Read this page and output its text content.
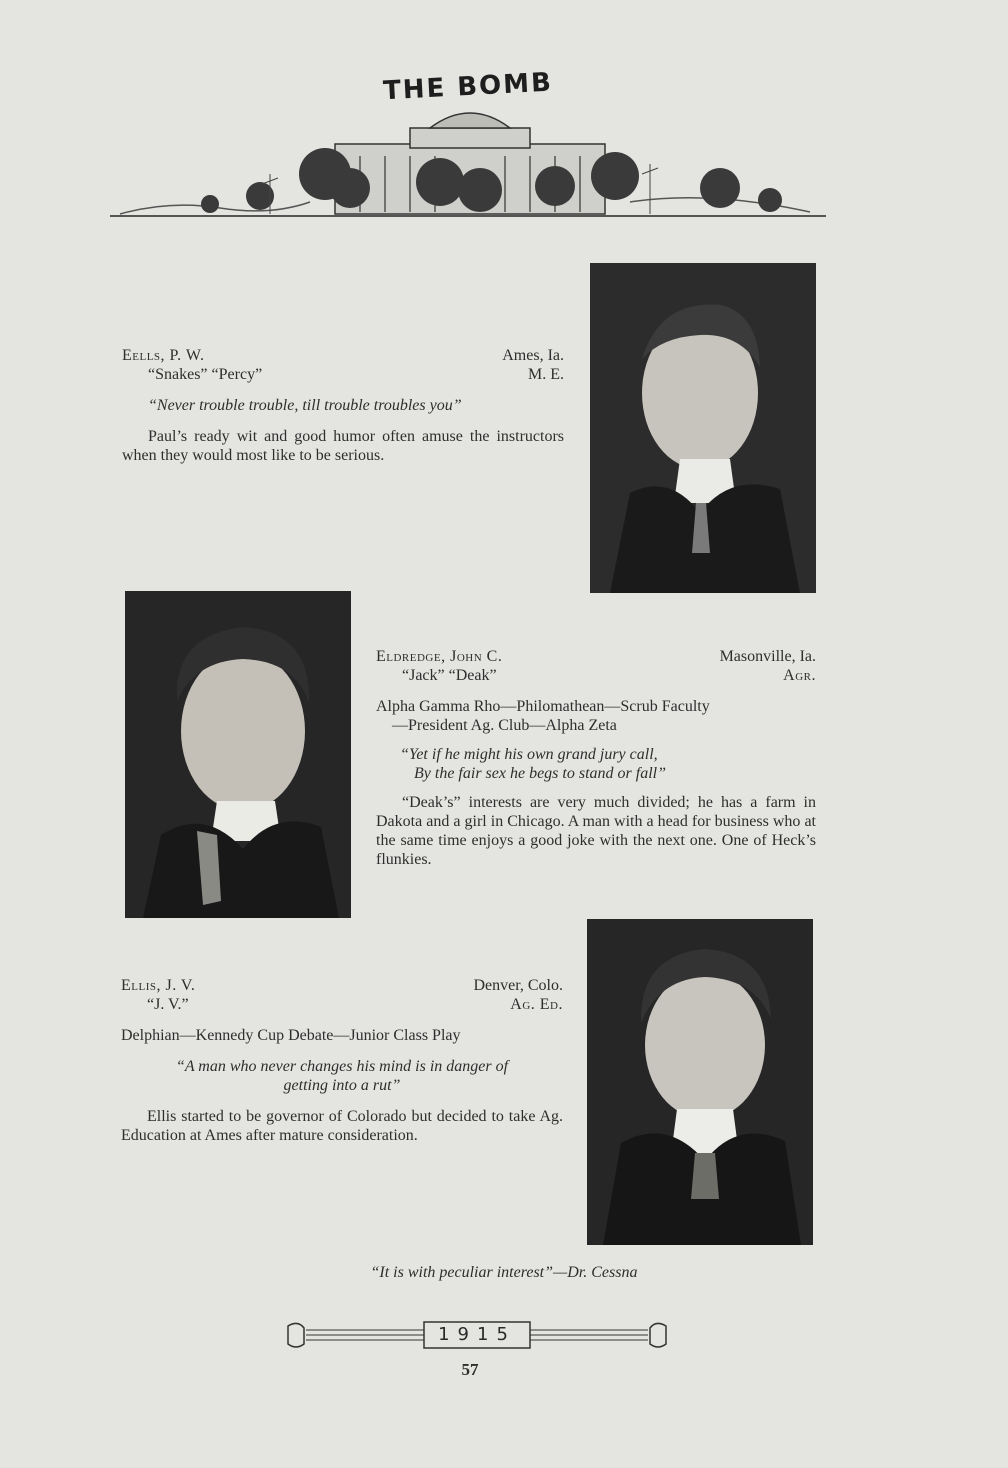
THE BOMB
Eells, P. W.	Ames, Ia.
“Snakes” “Percy”	M. E.
“Never trouble trouble, till trouble troubles you”
Paul’s ready wit and good humor often amuse the instructors when they would most like to be serious.
Eldredge, John C.	Masonville, Ia.
“Jack” “Deak”	Agr.
Alpha Gamma Rho—Philomathean—Scrub Faculty
—President Ag. Club—Alpha Zeta
“Yet if he might his own grand jury call,
By the fair sex he begs to stand or fall”
“Deak’s” interests are very much divided; he has a farm in Dakota and a girl in Chicago. A man with a head for business who at the same time enjoys a good joke with the next one. One of Heck’s flunkies.
Ellis, J. V.	Denver, Colo.
“J. V.”	Ag. Ed.
Delphian—Kennedy Cup Debate—Junior Class Play
“A man who never changes his mind is in danger of
getting into a rut”
Ellis started to be governor of Colorado but decided to take Ag. Education at Ames after mature consideration.
“It is with peculiar interest”—Dr. Cessna
1915
57
